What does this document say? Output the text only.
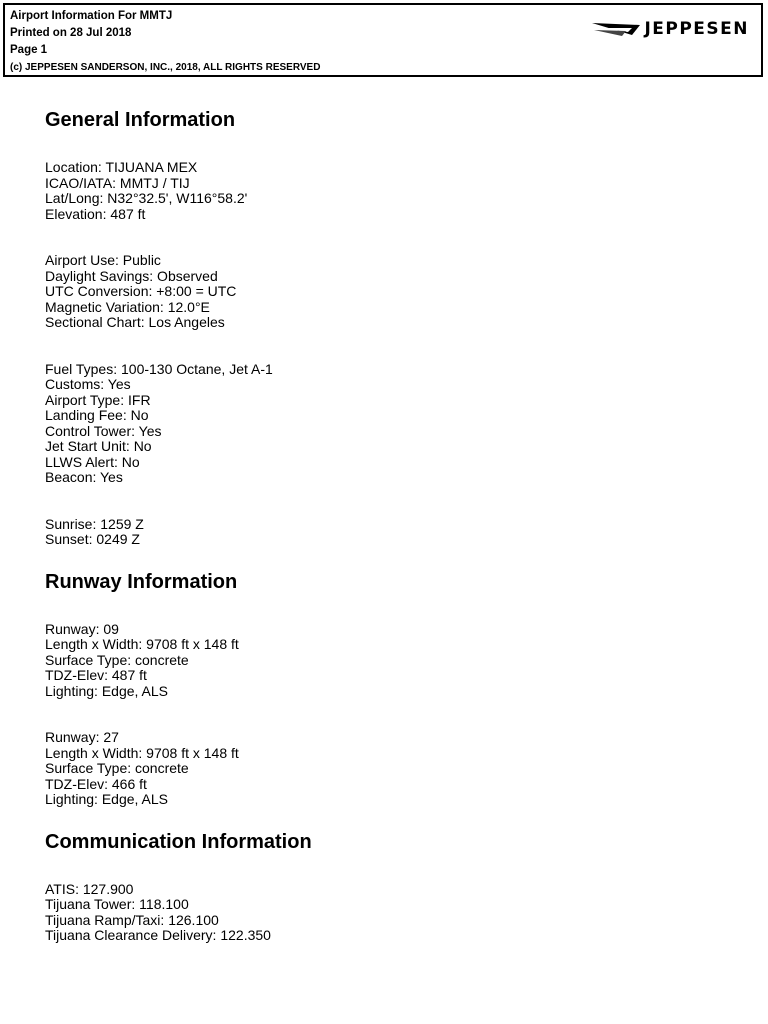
Airport Information For MMTJ
Printed on 28 Jul 2018
Page 1
(c) JEPPESEN SANDERSON, INC., 2018, ALL RIGHTS RESERVED
JEPPESEN
General Information
Location: TIJUANA MEX
ICAO/IATA: MMTJ / TIJ
Lat/Long: N32°32.5', W116°58.2'
Elevation: 487 ft
Airport Use: Public
Daylight Savings: Observed
UTC Conversion: +8:00 = UTC
Magnetic Variation: 12.0°E
Sectional Chart: Los Angeles
Fuel Types: 100-130 Octane, Jet A-1
Customs: Yes
Airport Type: IFR
Landing Fee: No
Control Tower: Yes
Jet Start Unit: No
LLWS Alert: No
Beacon: Yes
Sunrise: 1259 Z
Sunset: 0249 Z
Runway Information
Runway: 09
Length x Width: 9708 ft x 148 ft
Surface Type: concrete
TDZ-Elev: 487 ft
Lighting: Edge, ALS
Runway: 27
Length x Width: 9708 ft x 148 ft
Surface Type: concrete
TDZ-Elev: 466 ft
Lighting: Edge, ALS
Communication Information
ATIS: 127.900
Tijuana Tower: 118.100
Tijuana Ramp/Taxi: 126.100
Tijuana Clearance Delivery: 122.350
